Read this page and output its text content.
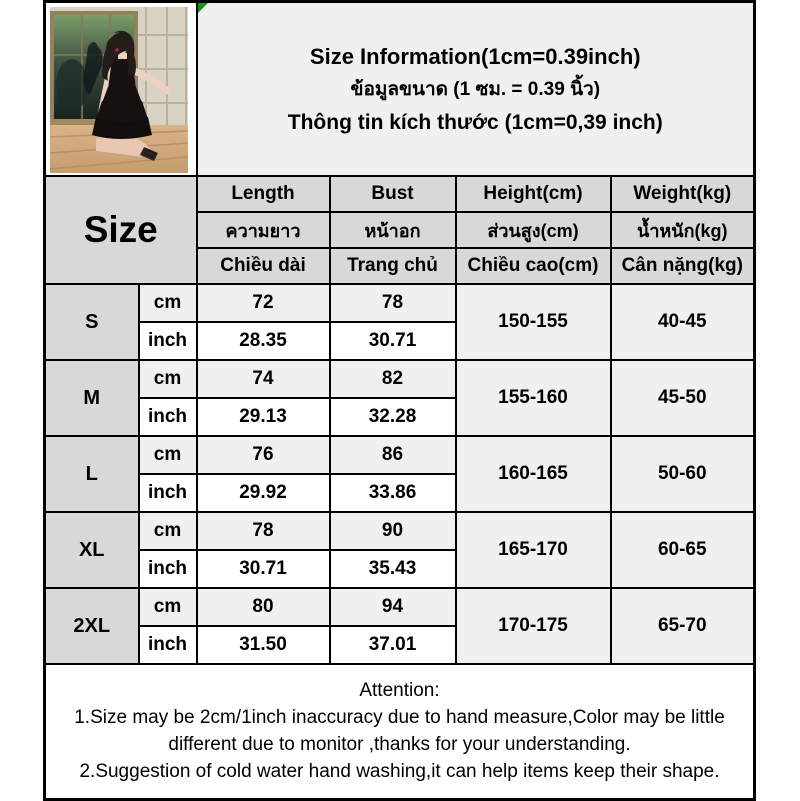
Size Information(1cm=0.39inch)
ข้อมูลขนาด (1 ซม. = 0.39 นิ้ว)
Thông tin kích thước (1cm=0,39 inch)			

Size		Length	Bust	Height(cm)	Weight(kg)
		ความยาว	หน้าอก	ส่วนสูง(cm)	น้ำหนัก(kg)
		Chiều dài	Trang chủ	Chiều cao(cm)	Cân nặng(kg)
S	cm	72	78	150-155	40-45
	inch	28.35	30.71		
M	cm	74	82	155-160	45-50
	inch	29.13	32.28		
L	cm	76	86	160-165	50-60
	inch	29.92	33.86		
XL	cm	78	90	165-170	60-65
	inch	30.71	35.43		
2XL	cm	80	94	170-175	65-70
	inch	31.50	37.01		

Attention:
1.Size may be 2cm/1inch inaccuracy due to hand measure,Color may be little different due to monitor ,thanks for your understanding.
2.Suggestion of cold water hand washing,it can help items keep their shape.					
